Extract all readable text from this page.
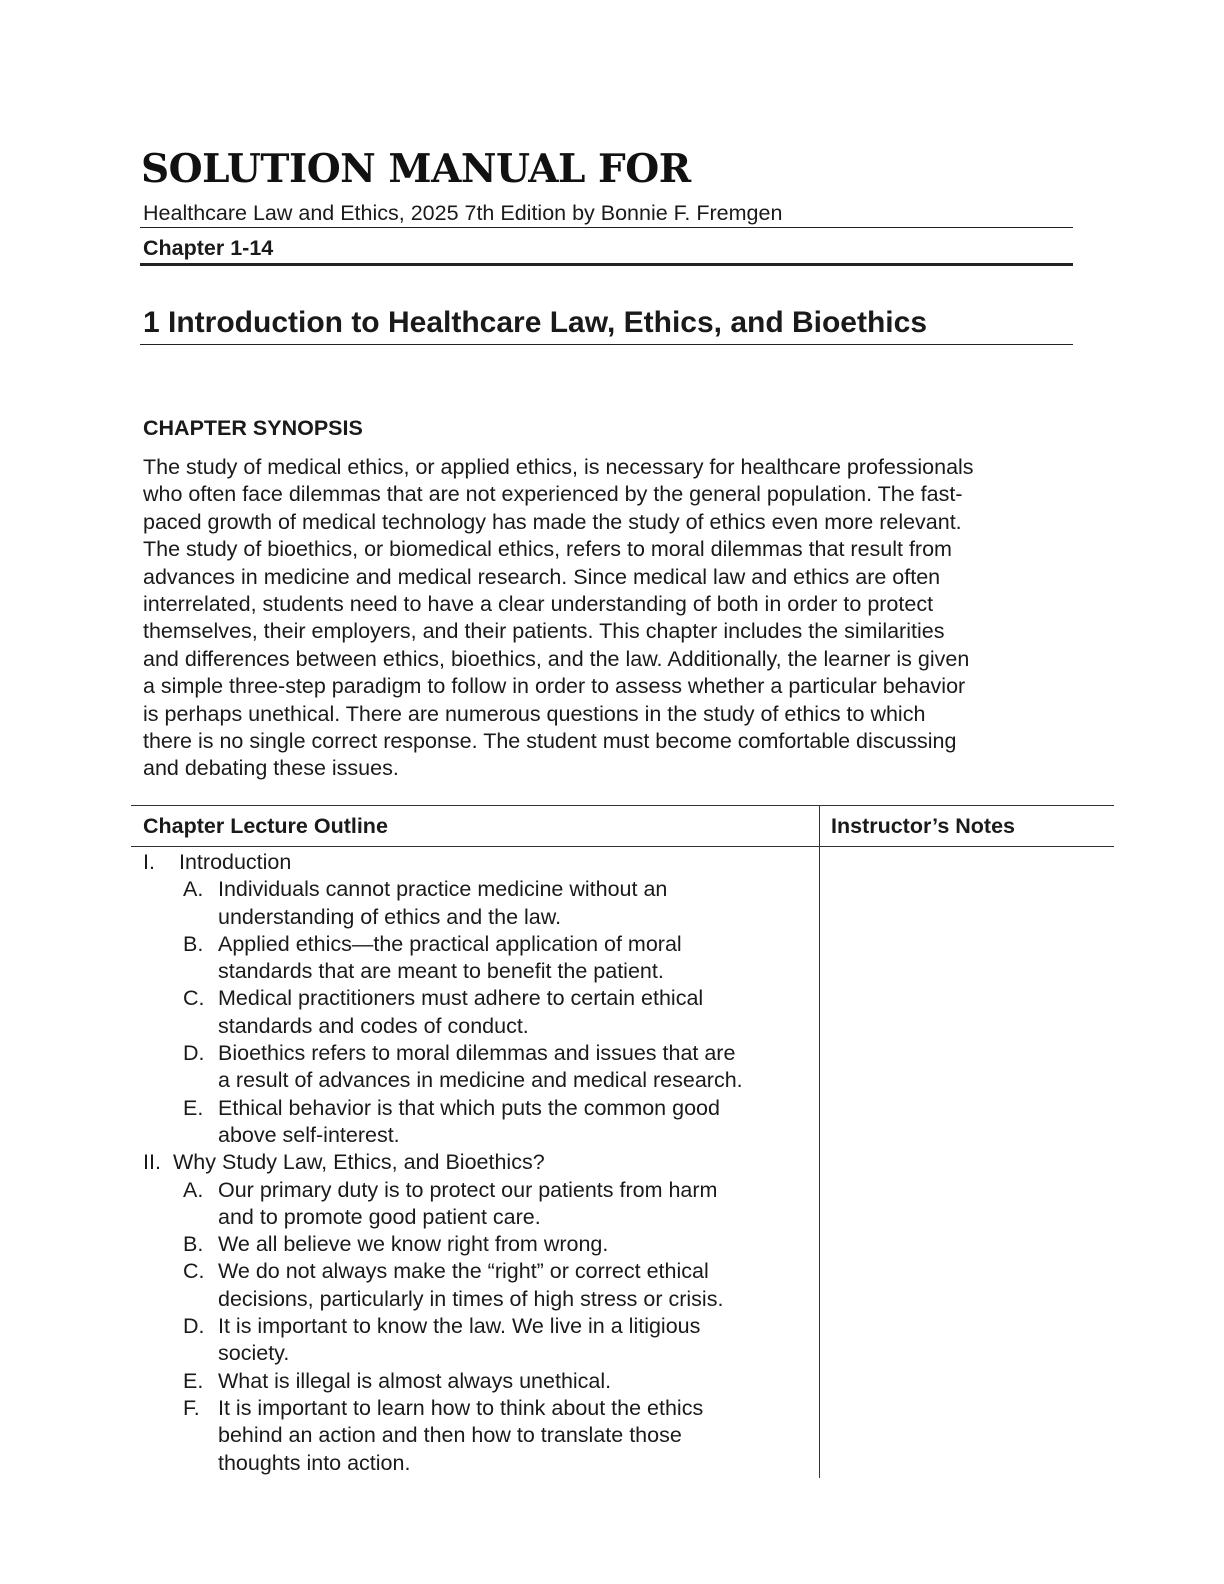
SOLUTION MANUAL FOR

Healthcare Law and Ethics, 2025 7th Edition by Bonnie F. Fremgen

Chapter 1-14

1 Introduction to Healthcare Law, Ethics, and Bioethics
CHAPTER SYNOPSIS
The study of medical ethics, or applied ethics, is necessary for healthcare professionals
who often face dilemmas that are not experienced by the general population. The fast-
paced growth of medical technology has made the study of ethics even more relevant.
The study of bioethics, or biomedical ethics, refers to moral dilemmas that result from
advances in medicine and medical research. Since medical law and ethics are often
interrelated, students need to have a clear understanding of both in order to protect
themselves, their employers, and their patients. This chapter includes the similarities
and differences between ethics, bioethics, and the law. Additionally, the learner is given
a simple three-step paradigm to follow in order to assess whether a particular behavior
is perhaps unethical. There are numerous questions in the study of ethics to which
there is no single correct response. The student must become comfortable discussing
and debating these issues.
Chapter Lecture Outline	Instructor’s Notes
I. Introduction
A. Individuals cannot practice medicine without an
understanding of ethics and the law.
B. Applied ethics—the practical application of moral
standards that are meant to benefit the patient.
C. Medical practitioners must adhere to certain ethical
standards and codes of conduct.
D. Bioethics refers to moral dilemmas and issues that are
a result of advances in medicine and medical research.
E. Ethical behavior is that which puts the common good
above self-interest.
II. Why Study Law, Ethics, and Bioethics?
A. Our primary duty is to protect our patients from harm
and to promote good patient care.
B. We all believe we know right from wrong.
C. We do not always make the “right” or correct ethical
decisions, particularly in times of high stress or crisis.
D. It is important to know the law. We live in a litigious
society.
E. What is illegal is almost always unethical.
F. It is important to learn how to think about the ethics
behind an action and then how to translate those
thoughts into action.
